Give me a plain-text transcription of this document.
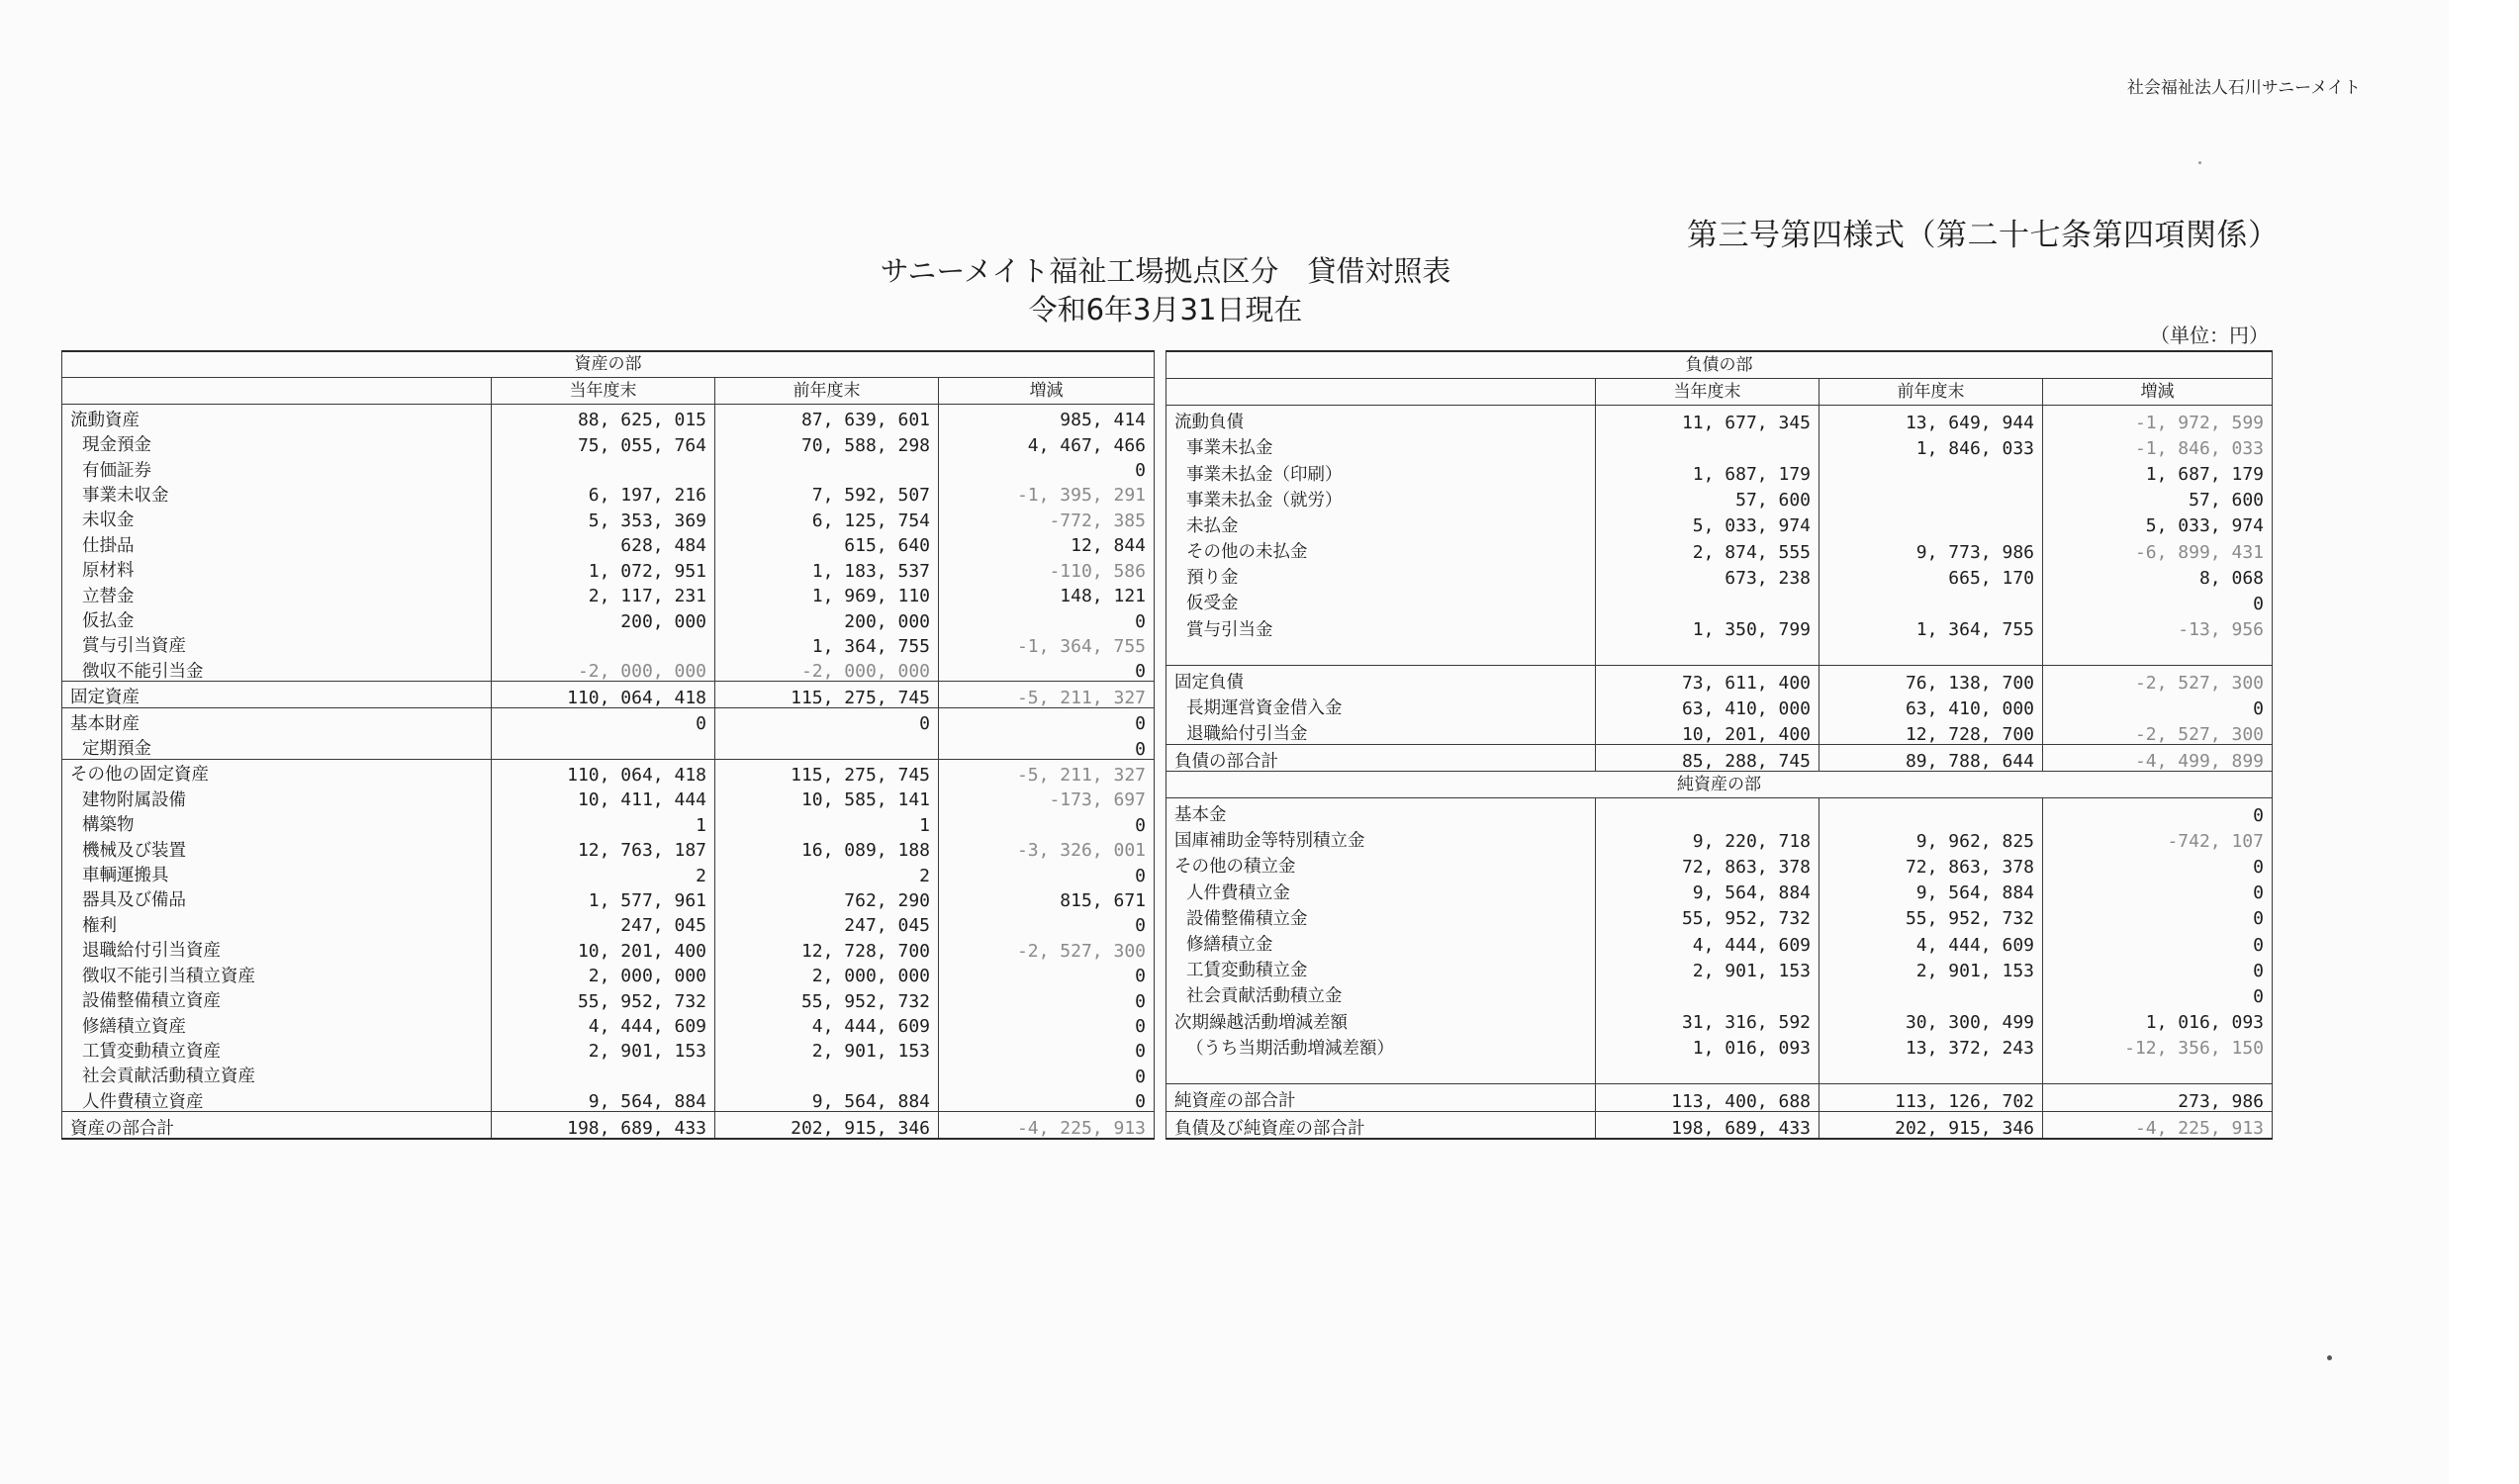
社会福祉法人石川サニーメイト
第三号第四様式（第二十七条第四項関係）
サニーメイト福祉工場拠点区分　貸借対照表
令和6年3月31日現在
（単位：円）
資産の部			
	当年度末	前年度末	増減
流動資産	88, 625, 015	87, 639, 601	985, 414
現金預金	75, 055, 764	70, 588, 298	4, 467, 466
有価証券			0
事業未収金	6, 197, 216	7, 592, 507	-1, 395, 291
未収金	5, 353, 369	6, 125, 754	-772, 385
仕掛品	628, 484	615, 640	12, 844
原材料	1, 072, 951	1, 183, 537	-110, 586
立替金	2, 117, 231	1, 969, 110	148, 121
仮払金	200, 000	200, 000	0
賞与引当資産		1, 364, 755	-1, 364, 755
徴収不能引当金	-2, 000, 000	-2, 000, 000	0
固定資産	110, 064, 418	115, 275, 745	-5, 211, 327
基本財産	0	0	0
定期預金			0
その他の固定資産	110, 064, 418	115, 275, 745	-5, 211, 327
建物附属設備	10, 411, 444	10, 585, 141	-173, 697
構築物	1	1	0
機械及び装置	12, 763, 187	16, 089, 188	-3, 326, 001
車輌運搬具	2	2	0
器具及び備品	1, 577, 961	762, 290	815, 671
権利	247, 045	247, 045	0
退職給付引当資産	10, 201, 400	12, 728, 700	-2, 527, 300
徴収不能引当積立資産	2, 000, 000	2, 000, 000	0
設備整備積立資産	55, 952, 732	55, 952, 732	0
修繕積立資産	4, 444, 609	4, 444, 609	0
工賃変動積立資産	2, 901, 153	2, 901, 153	0
社会貢献活動積立資産			0
人件費積立資産	9, 564, 884	9, 564, 884	0
資産の部合計	198, 689, 433	202, 915, 346	-4, 225, 913
負債の部			
	当年度末	前年度末	増減
流動負債	11, 677, 345	13, 649, 944	-1, 972, 599
事業未払金		1, 846, 033	-1, 846, 033
事業未払金（印刷）	1, 687, 179		1, 687, 179
事業未払金（就労）	57, 600		57, 600
未払金	5, 033, 974		5, 033, 974
その他の未払金	2, 874, 555	9, 773, 986	-6, 899, 431
預り金	673, 238	665, 170	8, 068
仮受金			0
賞与引当金	1, 350, 799	1, 364, 755	-13, 956

固定負債	73, 611, 400	76, 138, 700	-2, 527, 300
長期運営資金借入金	63, 410, 000	63, 410, 000	0
退職給付引当金	10, 201, 400	12, 728, 700	-2, 527, 300
負債の部合計	85, 288, 745	89, 788, 644	-4, 499, 899
純資産の部			
基本金			0
国庫補助金等特別積立金	9, 220, 718	9, 962, 825	-742, 107
その他の積立金	72, 863, 378	72, 863, 378	0
人件費積立金	9, 564, 884	9, 564, 884	0
設備整備積立金	55, 952, 732	55, 952, 732	0
修繕積立金	4, 444, 609	4, 444, 609	0
工賃変動積立金	2, 901, 153	2, 901, 153	0
社会貢献活動積立金			0
次期繰越活動増減差額	31, 316, 592	30, 300, 499	1, 016, 093
（うち当期活動増減差額）	1, 016, 093	13, 372, 243	-12, 356, 150

純資産の部合計	113, 400, 688	113, 126, 702	273, 986
負債及び純資産の部合計	198, 689, 433	202, 915, 346	-4, 225, 913
